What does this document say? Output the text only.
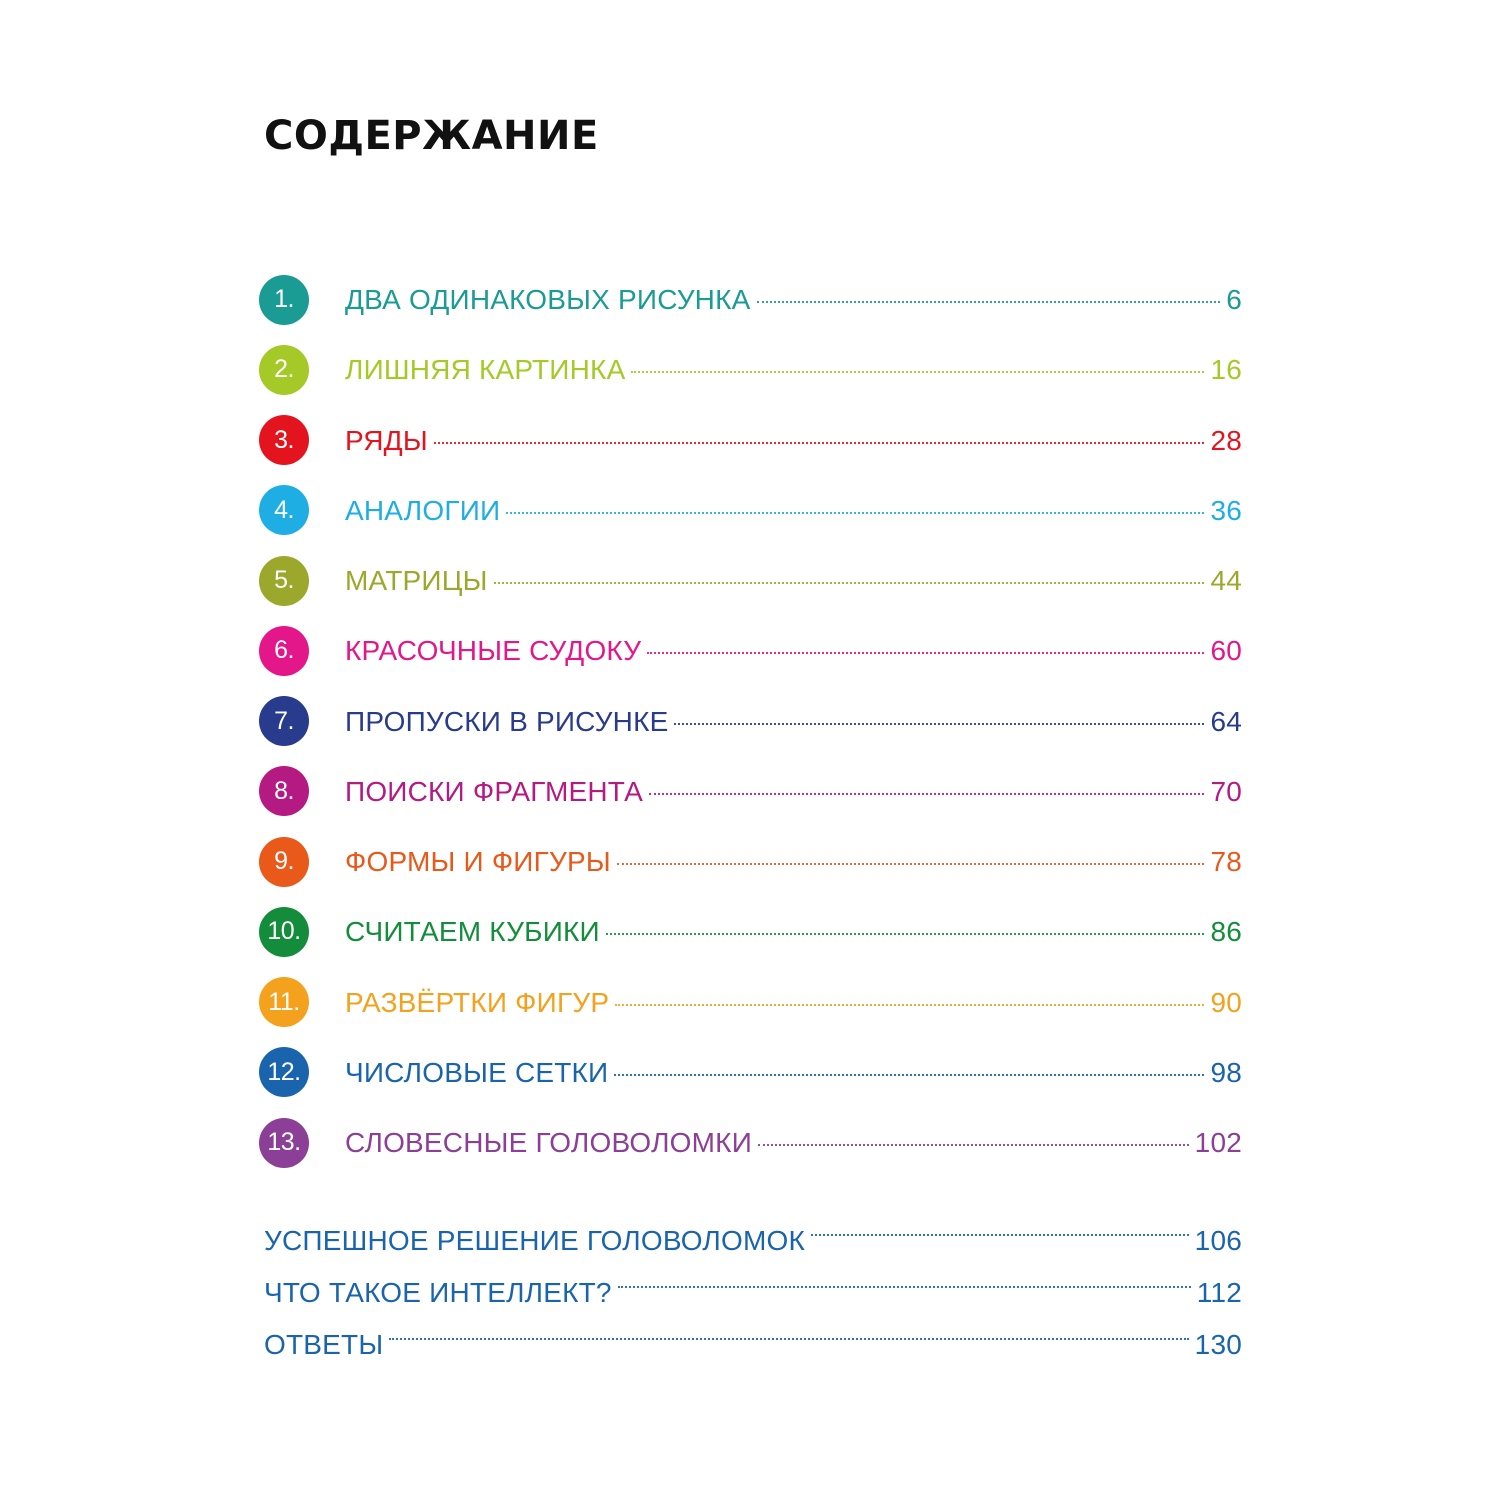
СОДЕРЖАНИЕ
1. ДВА ОДИНАКОВЫХ РИСУНКА	6
2. ЛИШНЯЯ КАРТИНКА	16
3. РЯДЫ	28
4. АНАЛОГИИ	36
5. МАТРИЦЫ	44
6. КРАСОЧНЫЕ СУДОКУ	60
7. ПРОПУСКИ В РИСУНКЕ	64
8. ПОИСКИ ФРАГМЕНТА	70
9. ФОРМЫ И ФИГУРЫ	78
10. СЧИТАЕМ КУБИКИ	86
11. РАЗВЁРТКИ ФИГУР	90
12. ЧИСЛОВЫЕ СЕТКИ	98
13. СЛОВЕСНЫЕ ГОЛОВОЛОМКИ	102
УСПЕШНОЕ РЕШЕНИЕ ГОЛОВОЛОМОК	106
ЧТО ТАКОЕ ИНТЕЛЛЕКТ?	112
ОТВЕТЫ	130
